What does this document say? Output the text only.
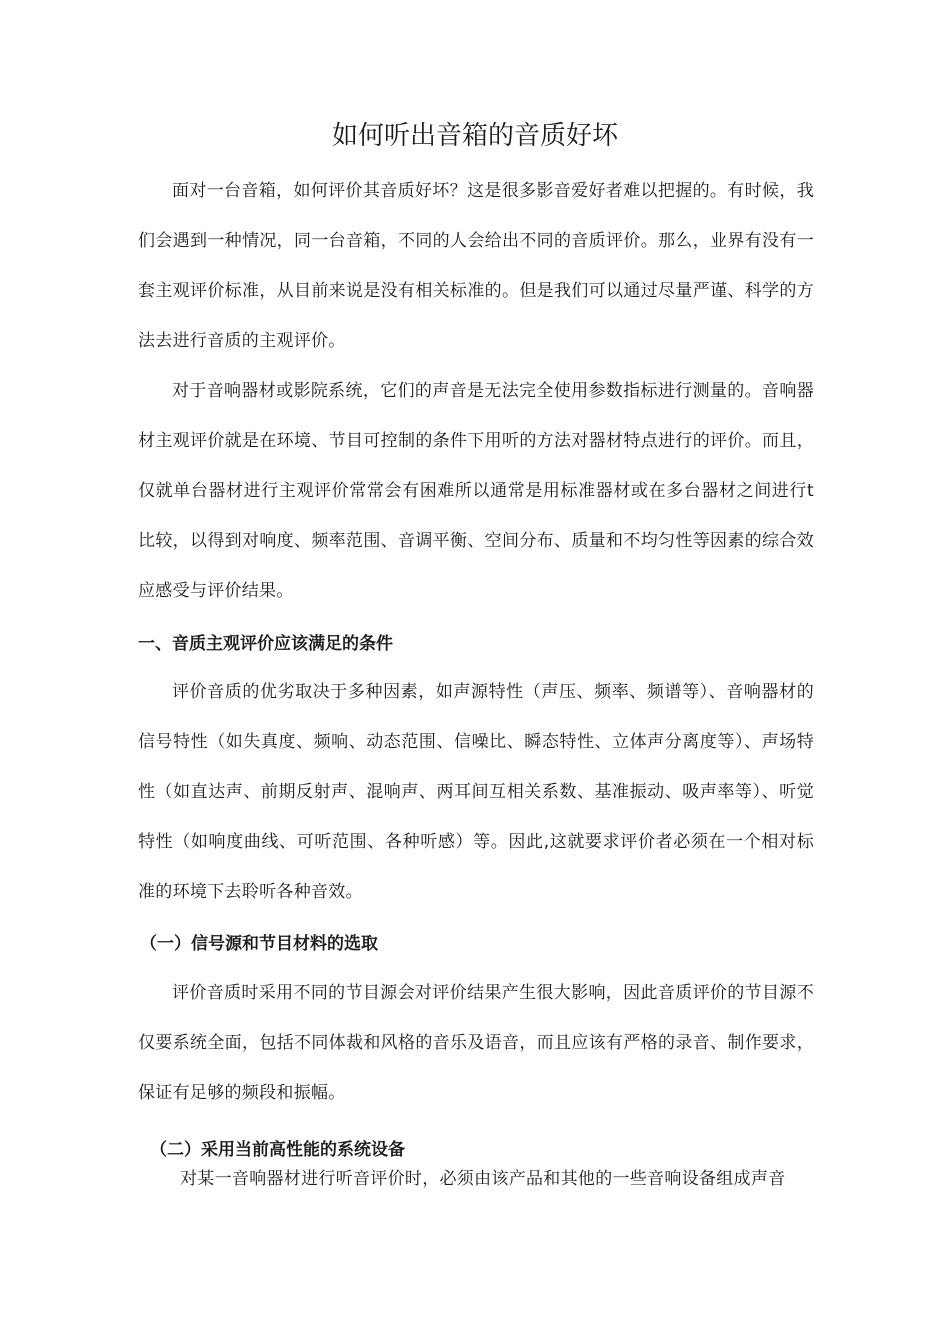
如何听出音箱的音质好坏

面对一台音箱，如何评价其音质好坏？这是很多影音爱好者难以把握的。有时候，我们会遇到一种情况，同一台音箱，不同的人会给出不同的音质评价。那么，业界有没有一套主观评价标准，从目前来说是没有相关标准的。但是我们可以通过尽量严谨、科学的方法去进行音质的主观评价。

对于音响器材或影院系统，它们的声音是无法完全使用参数指标进行测量的。音响器材主观评价就是在环境、节目可控制的条件下用听的方法对器材特点进行的评价。而且，仅就单台器材进行主观评价常常会有困难所以通常是用标准器材或在多台器材之间进行t比较，以得到对响度、频率范围、音调平衡、空间分布、质量和不均匀性等因素的综合效应感受与评价结果。

一、音质主观评价应该满足的条件

评价音质的优劣取决于多种因素，如声源特性（声压、频率、频谱等）、音响器材的信号特性（如失真度、频响、动态范围、信噪比、瞬态特性、立体声分离度等）、声场特性（如直达声、前期反射声、混响声、两耳间互相关系数、基准振动、吸声率等）、听觉特性（如响度曲线、可听范围、各种听感）等。因此,这就要求评价者必须在一个相对标准的环境下去聆听各种音效。

（一）信号源和节目材料的选取

评价音质时采用不同的节目源会对评价结果产生很大影响，因此音质评价的节目源不仅要系统全面，包括不同体裁和风格的音乐及语音，而且应该有严格的录音、制作要求，保证有足够的频段和振幅。

（二）采用当前高性能的系统设备

对某一音响器材进行听音评价时，必须由该产品和其他的一些音响设备组成声音
